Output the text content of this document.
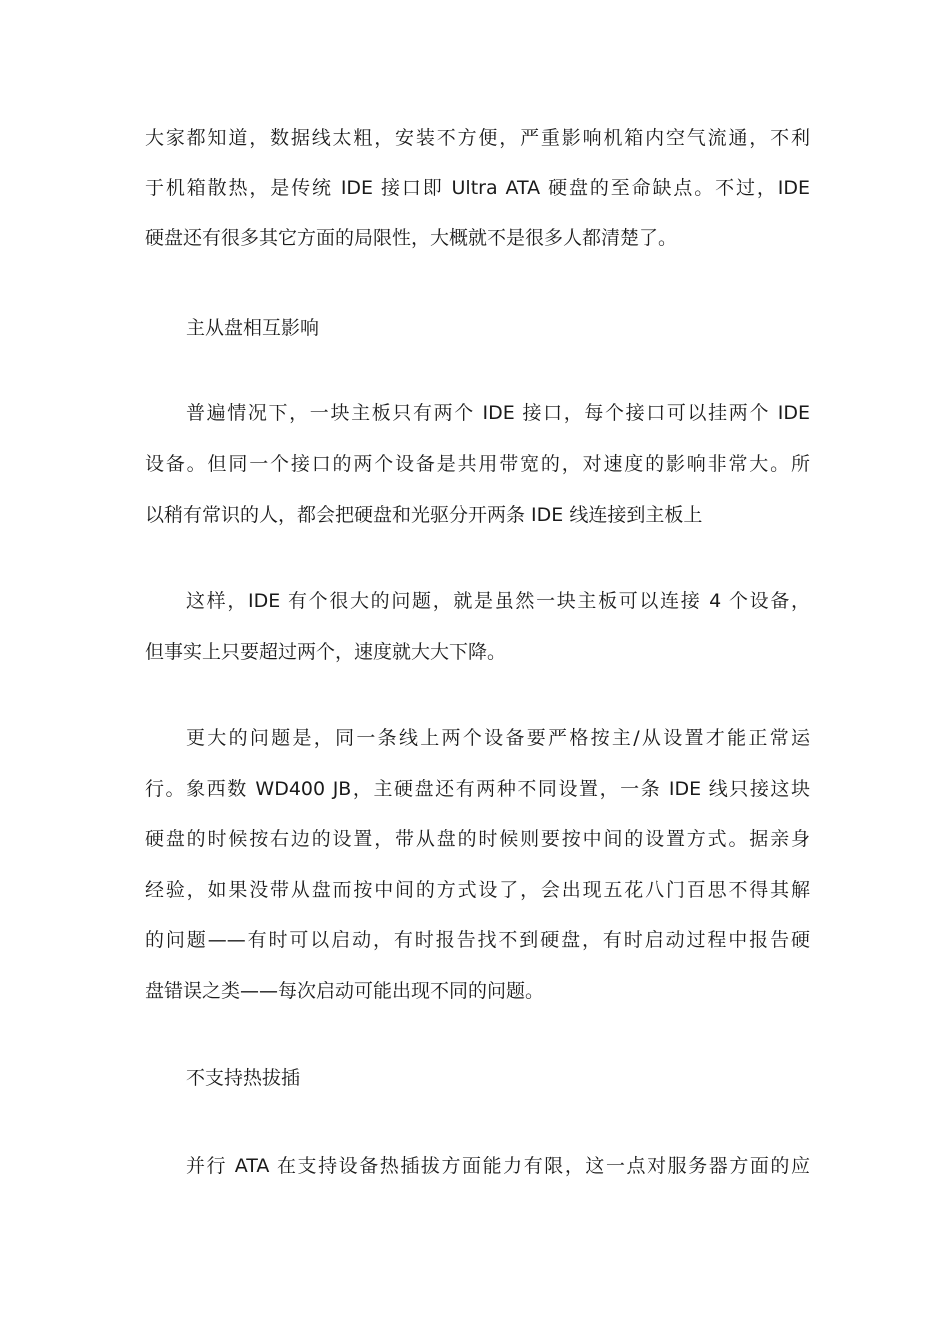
大家都知道，数据线太粗，安装不方便，严重影响机箱内空气流通，不利
于机箱散热，是传统 IDE 接口即 Ultra ATA 硬盘的至命缺点。不过，IDE
硬盘还有很多其它方面的局限性，大概就不是很多人都清楚了。
主从盘相互影响
普遍情况下，一块主板只有两个 IDE 接口，每个接口可以挂两个 IDE
设备。但同一个接口的两个设备是共用带宽的，对速度的影响非常大。所
以稍有常识的人，都会把硬盘和光驱分开两条 IDE 线连接到主板上
这样，IDE 有个很大的问题，就是虽然一块主板可以连接 4 个设备，
但事实上只要超过两个，速度就大大下降。
更大的问题是，同一条线上两个设备要严格按主/从设置才能正常运
行。象西数 WD400 JB，主硬盘还有两种不同设置，一条 IDE 线只接这块
硬盘的时候按右边的设置，带从盘的时候则要按中间的设置方式。据亲身
经验，如果没带从盘而按中间的方式设了，会出现五花八门百思不得其解
的问题——有时可以启动，有时报告找不到硬盘，有时启动过程中报告硬
盘错误之类——每次启动可能出现不同的问题。
不支持热拔插
并行 ATA 在支持设备热插拔方面能力有限，这一点对服务器方面的应
